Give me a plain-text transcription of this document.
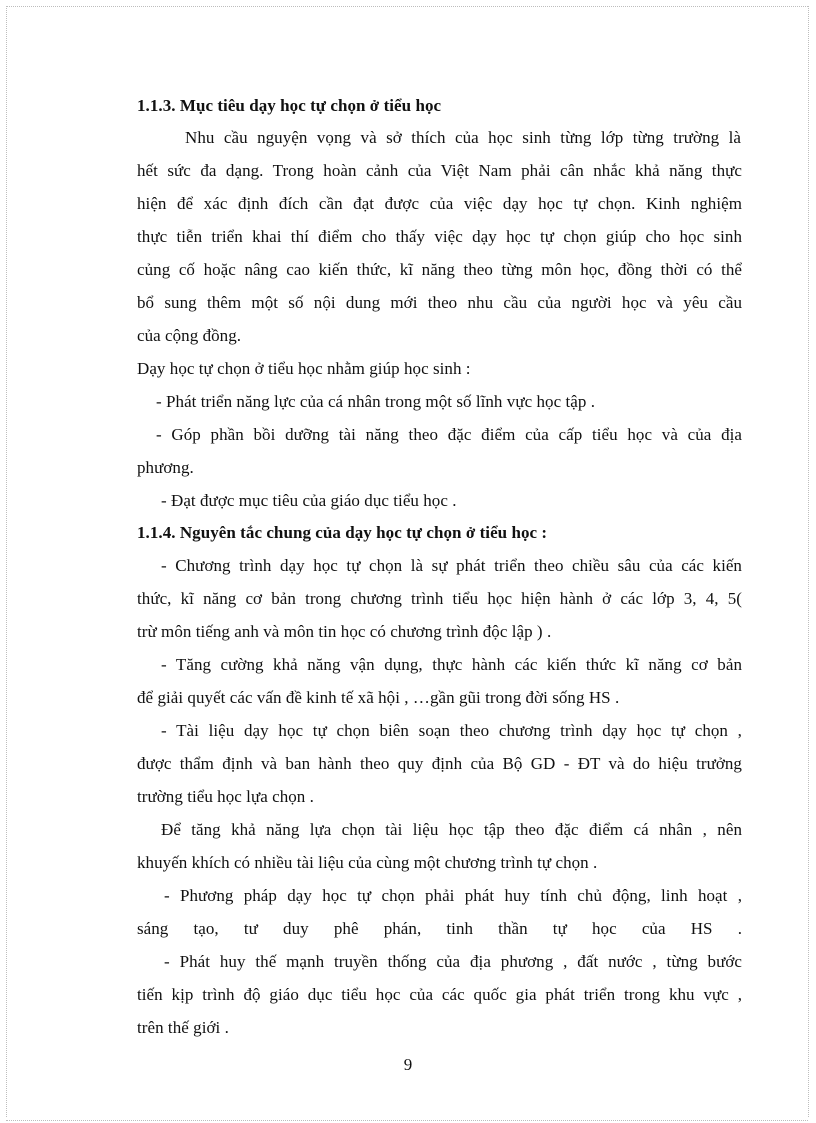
1.1.3. Mục tiêu dạy học tự chọn ở tiểu học
Nhu cầu nguyện vọng và sở thích của học sinh từng lớp từng trường là
hết sức đa dạng. Trong hoàn cảnh của Việt Nam phải cân nhắc khả năng thực
hiện để xác định đích cần đạt được của việc dạy học tự chọn. Kinh nghiệm
thực tiễn triển khai thí điểm cho thấy việc dạy học tự chọn giúp cho học sinh
củng cố hoặc nâng cao kiến thức, kĩ năng theo từng môn học, đồng thời có thể
bổ sung thêm một số nội dung mới theo nhu cầu của người học và yêu cầu
của cộng đồng.
Dạy học tự chọn ở tiểu học nhằm giúp học sinh :
- Phát triển năng lực của cá nhân trong một số lĩnh vực học tập .
- Góp phần bồi dưỡng tài năng theo đặc điểm của cấp tiểu học và của địa
phương.
- Đạt được mục tiêu của giáo dục tiểu học .
1.1.4. Nguyên tắc chung của dạy học tự chọn ở tiểu học :
- Chương trình dạy học tự chọn là sự phát triển theo chiều sâu của các kiến
thức, kĩ năng cơ bản trong chương trình tiểu học hiện hành ở các lớp 3, 4, 5(
trừ môn tiếng anh và môn tin học có chương trình độc lập ) .
- Tăng cường khả năng vận dụng, thực hành các kiến thức kĩ năng cơ bản
để giải quyết các vấn đề kinh tế xã hội , …gần gũi trong đời sống HS .
- Tài liệu dạy học tự chọn biên soạn theo chương trình dạy học tự chọn ,
được thẩm định và ban hành theo quy định của Bộ GD - ĐT và do hiệu trưởng
trường tiểu học lựa chọn .
Để tăng khả năng lựa chọn tài liệu học tập theo đặc điểm cá nhân , nên
khuyến khích có nhiều tài liệu của cùng một chương trình tự chọn .
- Phương pháp dạy học tự chọn phải phát huy tính chủ động, linh hoạt ,
sáng tạo, tư duy phê phán, tinh thần tự học của HS .
- Phát huy thế mạnh truyền thống của địa phương , đất nước , từng bước
tiến kịp trình độ giáo dục tiểu học của các quốc gia phát triển trong khu vực ,
trên thế giới .
9
